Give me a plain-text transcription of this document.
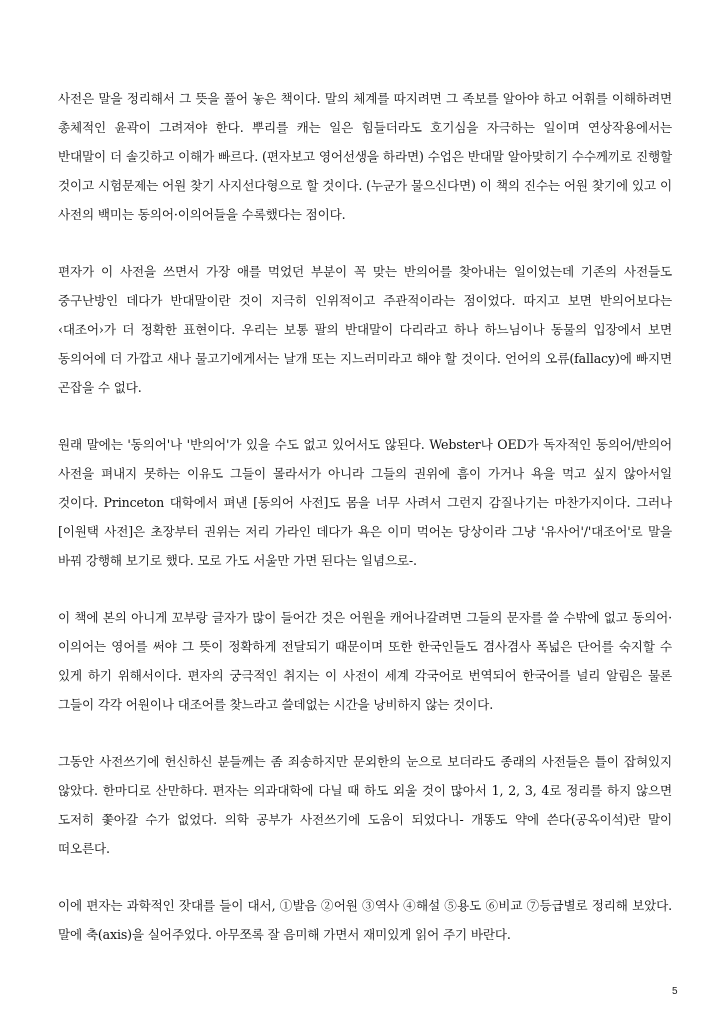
사전은 말을 정리해서 그 뜻을 풀어 놓은 책이다. 말의 체계를 따지려면 그 족보를 알아야 하고 어휘를 이해하려면 총체적인 윤곽이 그려져야 한다. 뿌리를 캐는 일은 힘들더라도 호기심을 자극하는 일이며 연상작용에서는 반대말이 더 솔깃하고 이해가 빠르다. (편자보고 영어선생을 하라면) 수업은 반대말 알아맞히기 수수께끼로 진행할 것이고 시험문제는 어원 찾기 사지선다형으로 할 것이다. (누군가 물으신다면) 이 책의 진수는 어원 찾기에 있고 이 사전의 백미는 동의어·이의어들을 수록했다는 점이다.

편자가 이 사전을 쓰면서 가장 애를 먹었던 부분이 꼭 맞는 반의어를 찾아내는 일이었는데 기존의 사전들도 중구난방인 데다가 반대말이란 것이 지극히 인위적이고 주관적이라는 점이었다. 따지고 보면 반의어보다는 ‹대조어›가 더 정확한 표현이다. 우리는 보통 팔의 반대말이 다리라고 하나 하느님이나 동물의 입장에서 보면 동의어에 더 가깝고 새나 물고기에게서는 날개 또는 지느러미라고 해야 할 것이다. 언어의 오류(fallacy)에 빠지면 곤잡을 수 없다.

원래 말에는 '동의어'나 '반의어'가 있을 수도 없고 있어서도 않된다. Webster나 OED가 독자적인 동의어/반의어 사전을 펴내지 못하는 이유도 그들이 몰라서가 아니라 그들의 권위에 흠이 가거나 욕을 먹고 싶지 않아서일 것이다. Princeton 대학에서 펴낸 [동의어 사전]도 몸을 너무 사려서 그런지 감질나기는 마찬가지이다. 그러나 [이원택 사전]은 초장부터 권위는 저리 가라인 데다가 욕은 이미 먹어논 당상이라 그냥 '유사어'/'대조어'로 말을 바꿔 강행해 보기로 했다. 모로 가도 서울만 가면 된다는 일념으로-.

이 책에 본의 아니게 꼬부랑 글자가 많이 들어간 것은 어원을 캐어나갈려면 그들의 문자를 쓸 수밖에 없고 동의어·이의어는 영어를 써야 그 뜻이 정확하게 전달되기 때문이며 또한 한국인들도 겸사겸사 폭넓은 단어를 숙지할 수 있게 하기 위해서이다. 편자의 궁극적인 취지는 이 사전이 세계 각국어로 번역되어 한국어를 널리 알림은 물론 그들이 각각 어원이나 대조어를 찾느라고 쓸데없는 시간을 낭비하지 않는 것이다.

그동안 사전쓰기에 헌신하신 분들께는 좀 죄송하지만 문외한의 눈으로 보더라도 종래의 사전들은 틀이 잡혀있지 않았다. 한마디로 산만하다. 편자는 의과대학에 다닐 때 하도 외울 것이 많아서 1, 2, 3, 4로 정리를 하지 않으면 도저히 쫓아갈 수가 없었다. 의학 공부가 사전쓰기에 도움이 되었다니- 개똥도 약에 쓴다(공옥이석)란 말이 떠오른다.

이에 편자는 과학적인 잣대를 들이 대서, ①발음 ②어원 ③역사 ④해설 ⑤용도 ⑥비교 ⑦등급별로 정리해 보았다. 말에 축(axis)을 실어주었다. 아무쪼록 잘 음미해 가면서 재미있게 읽어 주기 바란다.

5
